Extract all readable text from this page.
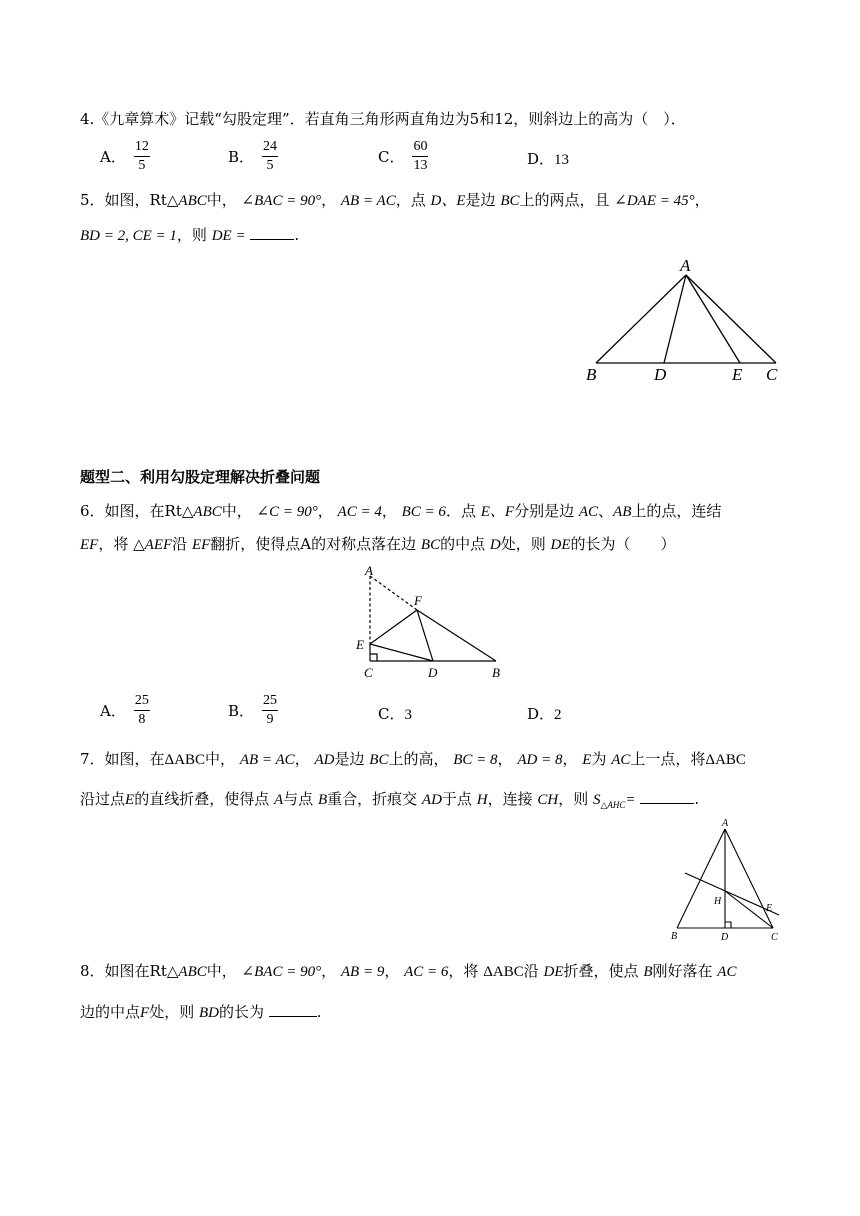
4.《九章算术》记载“勾股定理”．若直角三角形两直角边为5和12，则斜边上的高为（　）．
A． $\frac{12}{5}$	B． $\frac{24}{5}$	C． $\frac{60}{13}$	D．13
5．如图，Rt△ABC中， ∠BAC = 90°， AB = AC，点 D、E是边 BC上的两点，且 ∠DAE = 45°，
BD = 2, CE = 1，则 DE =	.
A
B	D	E C
题型二、利用勾股定理解决折叠问题
6．如图，在Rt△ABC中， ∠C = 90°， AC = 4， BC = 6．点 E、F分别是边 AC、AB上的点，连结
EF，将 △AEF沿 EF翻折，使得点A的对称点落在边 BC的中点 D处，则 DE的长为（　　）
A
F
E
C	D	B
A． $\frac{25}{8}$	B． $\frac{25}{9}$	C．3	D．2
7．如图，在ΔABC中， AB = AC， AD是边 BC上的高， BC = 8， AD = 8， E为 AC上一点，将ΔABC
沿过点E的直线折叠，使得点 A与点 B重合，折痕交 AD于点 H，连接 CH，则 $S_{\triangle AHC}=$	.
A
H
E
B	D	C
8．如图在Rt△ABC中， ∠BAC = 90°， AB = 9， AC = 6，将 ΔABC沿 DE折叠，使点 B刚好落在 AC
边的中点F处，则 BD的长为	.
